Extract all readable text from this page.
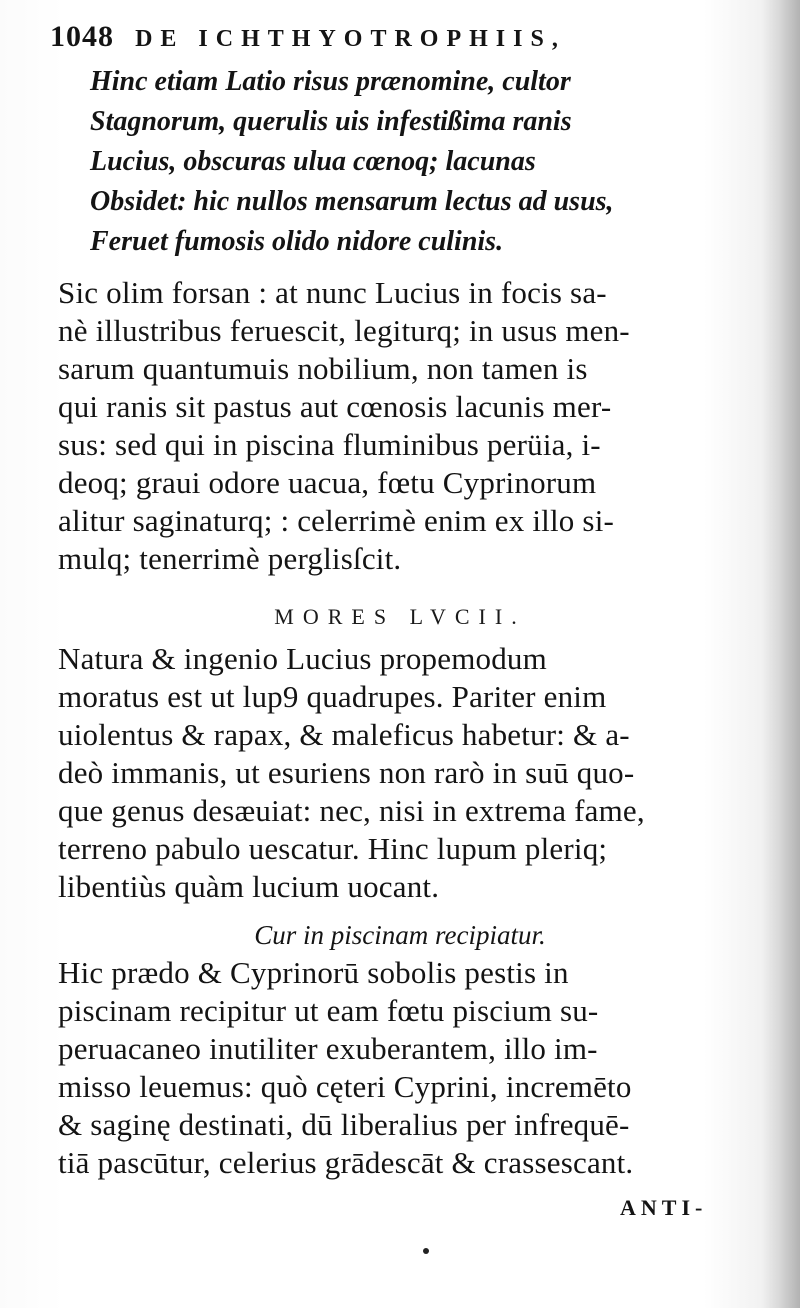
1048 DE ICHTHYOTROPHIIS,
Hinc etiam Latio risus prænomine, cultor
Stagnorum, querulis uis infestißima ranis
Lucius, obscuras ulua cœnoq; lacunas
Obsidet: hic nullos mensarum lectus ad usus,
Feruet fumosis olido nidore culinis.
Sic olim forsan : at nunc Lucius in focis sa-
nè illustribus feruescit, legiturq; in usus men-
sarum quantumuis nobilium, non tamen is
qui ranis sit pastus aut cœnosis lacunis mer-
sus: sed qui in piscina fluminibus perüia, i-
deoq; graui odore uacua, fœtu Cyprinorum
alitur saginaturq; : celerrimè enim ex illo si-
mulq; tenerrimè perglisſcit.
MORES LVCII.
Natura & ingenio Lucius propemodum
moratus est ut lup9 quadrupes. Pariter enim
uiolentus & rapax, & maleficus habetur: & a-
deò immanis, ut esuriens non rarò in suū quo-
que genus desæuiat: nec, nisi in extrema fame,
terreno pabulo uescatur. Hinc lupum pleriq;
libentiùs quàm lucium uocant.
Cur in piscinam recipiatur.
Hic prædo & Cyprinorū sobolis pestis in
piscinam recipitur ut eam fœtu piscium su-
peruacaneo inutiliter exuberantem, illo im-
misso leuemus: quò cęteri Cyprini, incremēto
& saginę destinati, dū liberalius per infrequē-
tiā pascūtur, celerius grādescāt & crassescant.
ANTI-
